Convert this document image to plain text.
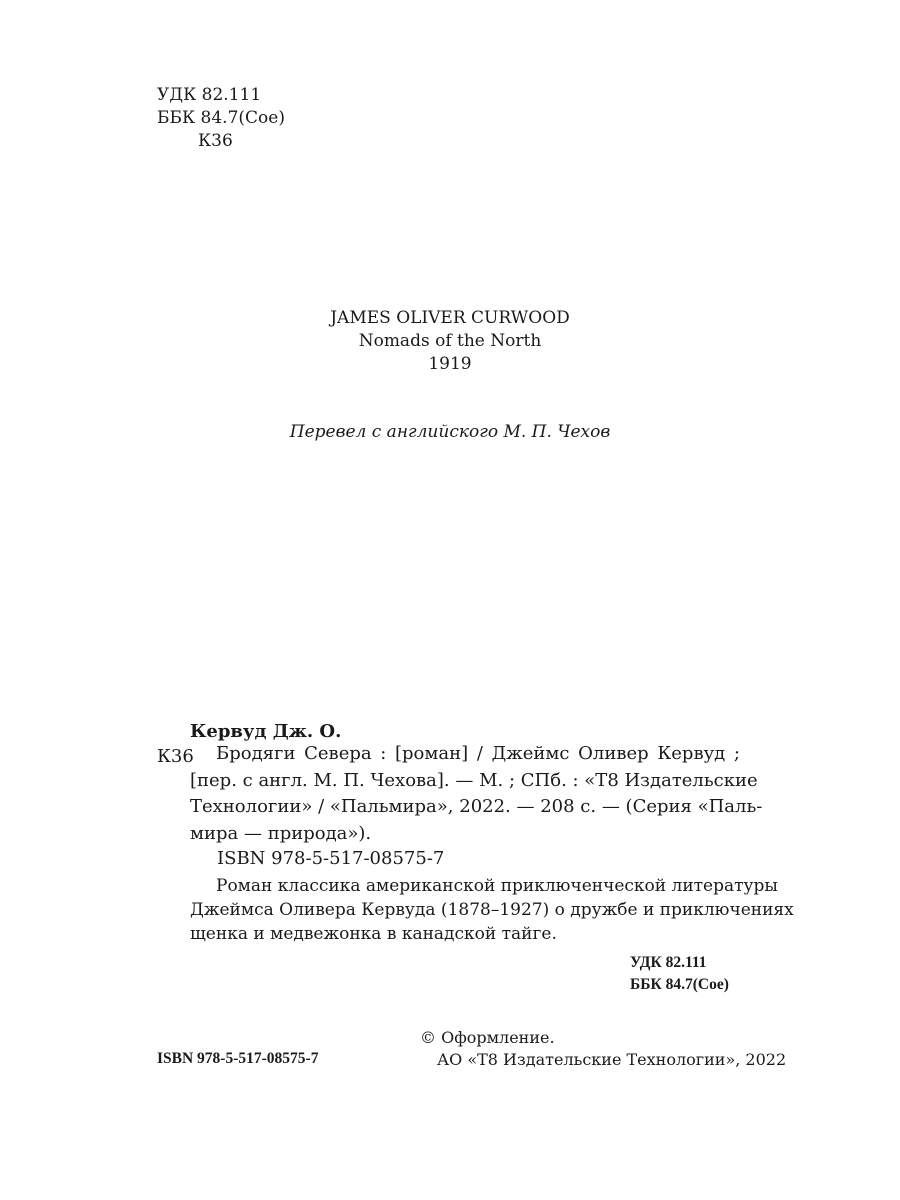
УДК 82.111
ББК 84.7(Сое)
К36
JAMES OLIVER CURWOOD
Nomads of the North
1919

Перевел с английского М. П. Чехов

Кервуд Дж. О.

К36	Бродяги Севера : [роман] / Джеймс Оливер Кервуд ;
[пер. с англ. М. П. Чехова]. — М. ; СПб. : «Т8 Издательские
Технологии» / «Пальмира», 2022. — 208 с. — (Серия «Паль-
мира — природа»).

ISBN 978-5-517-08575-7

Роман классика американской приключенческой литературы
Джеймса Оливера Кервуда (1878–1927) о дружбе и приключениях
щенка и медвежонка в канадской тайге.
УДК 82.111
ББК 84.7(Сое)

ISBN 978-5-517-08575-7

© Оформление.
АО «Т8 Издательские Технологии», 2022
